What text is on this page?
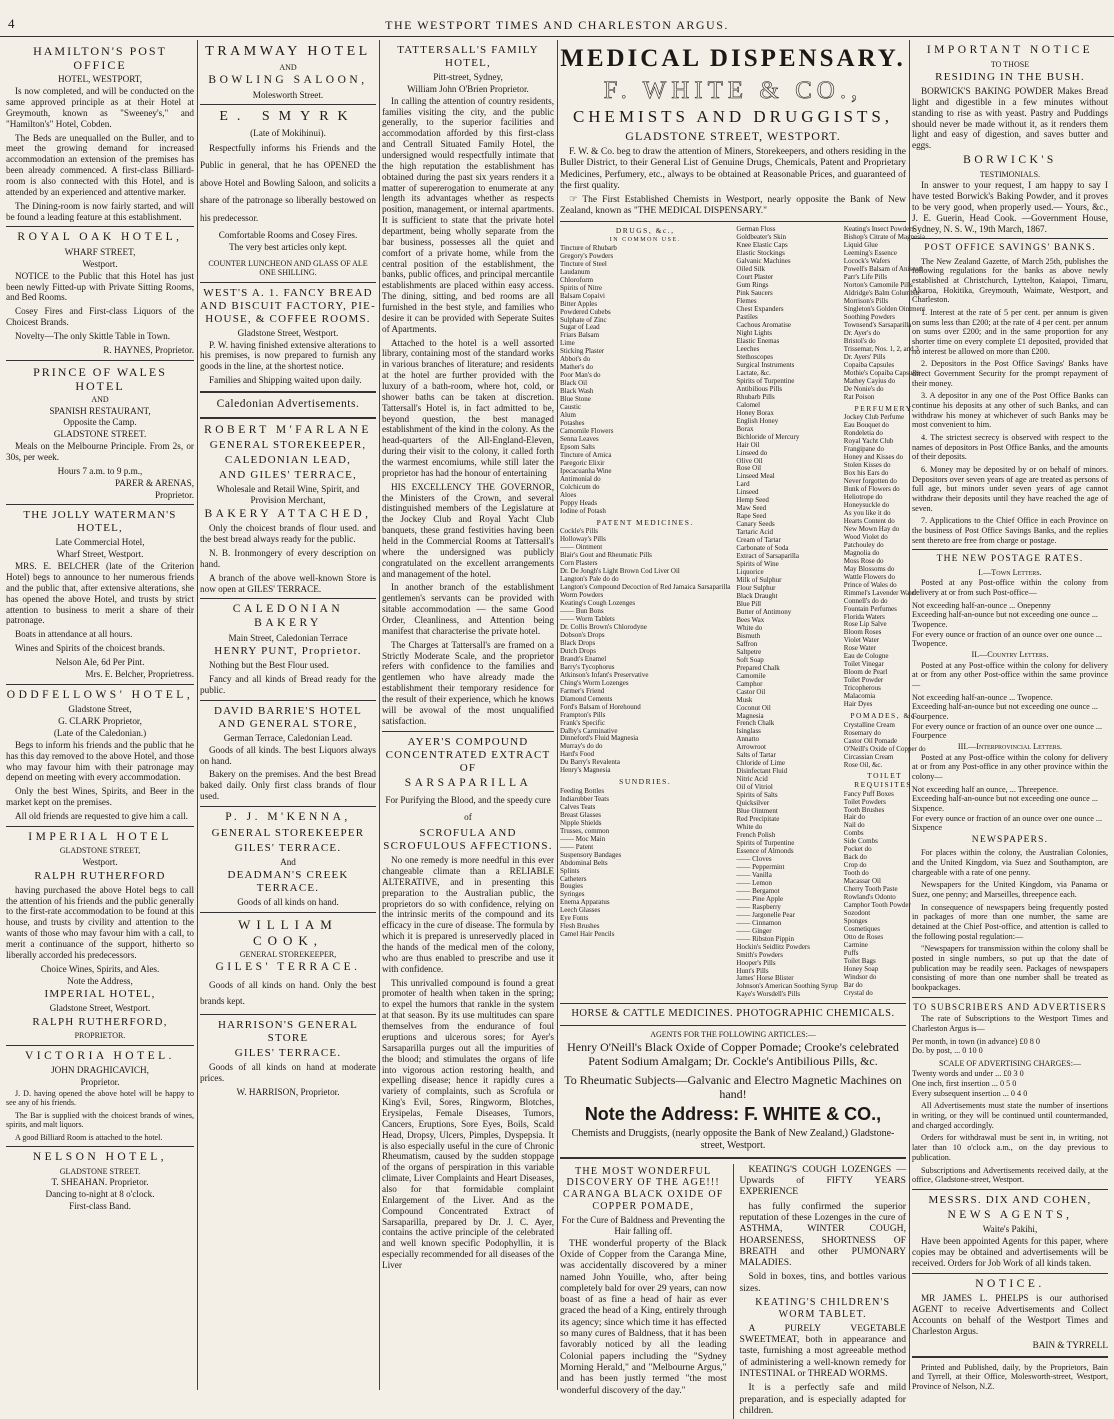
4	THE WESTPORT TIMES AND CHARLESTON ARGUS.
HAMILTON'S POST OFFICE
HOTEL, WESTPORT,

Is now completed, and will be conducted on the same approved principle as at their Hotel at Greymouth, known as "Sweeney's," and "Hamilton's" Hotel, Cobden.

The Beds are unequalled on the Buller, and to meet the growing demand for increased accommodation an extension of the premises has been already commenced. A first-class Billiard-room is also connected with this Hotel, and is attended by an experienced and attentive marker.

The Dining-room is now fairly started, and will be found a leading feature at this establishment.

ROYAL OAK HOTEL,
WHARF STREET,
Westport.

NOTICE to the Public that this Hotel has just been newly Fitted-up with Private Sitting Rooms, and Bed Rooms.

Cosey Fires and First-class Liquors of the Choicest Brands.

Novelty—The only Skittle Table in Town.

R. HAYNES, Proprietor.
PRINCE OF WALES HOTEL
AND
SPANISH RESTAURANT,
Opposite the Camp.
GLADSTONE STREET.

Meals on the Melbourne Principle. From 2s, or 30s, per week.

Hours 7 a.m. to 9 p.m.,
PARER & ARENAS,
Proprietor.
THE JOLLY WATERMAN'S HOTEL,
Late Commercial Hotel,
Wharf Street, Westport.

MRS. E. BELCHER (late of the Criterion Hotel) begs to announce to her numerous friends and the public that, after extensive alterations, she has opened the above Hotel, and trusts by strict attention to business to merit a share of their patronage.

Boats in attendance at all hours.

Wines and Spirits of the choicest brands.

Nelson Ale, 6d Per Pint.
Mrs. E. Belcher, Proprietress.
ODDFELLOWS' HOTEL,
Gladstone Street,
G. CLARK Proprietor,
(Late of the Caledonian.)

Begs to inform his friends and the public that he has this day removed to the above Hotel, and those who may favour him with their patronage may depend on meeting with every accommodation.

Only the best Wines, Spirits, and Beer in the market kept on the premises.

All old friends are requested to give him a call.

IMPERIAL HOTEL
GLADSTONE STREET,
Westport.
RALPH RUTHERFORD

having purchased the above Hotel begs to call the attention of his friends and the public generally to the first-rate accommodation to be found at this house, and trusts by civility and attention to the wants of those who may favour him with a call, to merit a continuance of the support, hitherto so liberally accorded his predecessors.

Choice Wines, Spirits, and Ales.
Note the Address,
IMPERIAL HOTEL,
Gladstone Street, Westport.
RALPH RUTHERFORD,
PROPRIETOR.
VICTORIA HOTEL.
JOHN DRAGHICAVICH,
Proprietor.

J. D. having opened the above hotel will be happy to see any of his friends.

The Bar is supplied with the choicest brands of wines, spirits, and malt liquors.

A good Billiard Room is attached to the hotel.

NELSON HOTEL,
GLADSTONE STREET.
T. SHEAHAN. Proprietor.
Dancing to-night at 8 o'clock.
First-class Band.
TRAMWAY HOTEL
AND
BOWLING SALOON,
Molesworth Street.
E. SMYRK
(Late of Mokihinui).

Respectfully informs his Friends and the Public in general, that he has OPENED the above Hotel and Bowling Saloon, and solicits a share of the patronage so liberally bestowed on his predecessor.

Comfortable Rooms and Cosey Fires.
The very best articles only kept.
COUNTER LUNCHEON AND GLASS OF ALE ONE SHILLING.
WEST'S A. 1. FANCY BREAD AND BISCUIT FACTORY, PIE-HOUSE, & COFFEE ROOMS.
Gladstone Street, Westport.

P. W. having finished extensive alterations to his premises, is now prepared to furnish any goods in the line, at the shortest notice.

Families and Shipping waited upon daily.

Caledonian Advertisements.
ROBERT M'FARLANE
GENERAL STOREKEEPER,
CALEDONIAN LEAD,
AND GILES' TERRACE,
Wholesale and Retail Wine, Spirit, and Provision Merchant,
BAKERY ATTACHED,

Only the choicest brands of flour used. and the best bread always ready for the public.

N. B. Ironmongery of every description on hand.

A branch of the above well-known Store is now open at GILES' TERRACE.

CALEDONIAN BAKERY
Main Street, Caledonian Terrace
HENRY PUNT, Proprietor.

Nothing but the Best Flour used.

Fancy and all kinds of Bread ready for the public.

DAVID BARRIE'S HOTEL AND GENERAL STORE,
German Terrace, Caledonian Lead.

Goods of all kinds. The best Liquors always on hand.

Bakery on the premises. And the best Bread baked daily. Only first class brands of flour used.

P. J. M'KENNA,
GENERAL STOREKEEPER
GILES' TERRACE.
And
DEADMAN'S CREEK TERRACE.
Goods of all kinds on hand.
WILLIAM COOK,
GENERAL STOREKEEPER,
GILES' TERRACE.

Goods of all kinds on hand. Only the best brands kept.

HARRISON'S GENERAL STORE
GILES' TERRACE.

Goods of all kinds on hand at moderate prices.

W. HARRISON, Proprietor.
TATTERSALL'S FAMILY HOTEL,
Pitt-street, Sydney,
William John O'Brien Proprietor.

In calling the attention of country residents, families visiting the city, and the public generally, to the superior facilities and accommodation afforded by this first-class and Centrall Situated Family Hotel, the undersigned would respectfully intimate that the high reputation the establishment has obtained during the past six years renders it a matter of supererogation to enumerate at any length its advantages whether as respects position, management, or internal apartments. It is sufficient to state that the private hotel department, being wholly separate from the bar business, possesses all the quiet and comfort of a private home, while from the central position of the establishment, the banks, public offices, and principal mercantile establishments are placed within easy access. The dining, sitting, and bed rooms are all furnished in the best style, and families who desire it can be provided with Seperate Suites of Apartments.

Attached to the hotel is a well assorted library, containing most of the standard works in various branches of literature; and residents at the hotel are further provided with the luxury of a bath-room, where hot, cold, or shower baths can be taken at discretion. Tattersall's Hotel is, in fact admitted to be, beyond question, the best managed establishment of the kind in the colony. As the head-quarters of the All-England-Eleven, during their visit to the colony, it called forth the warmest encomiums, while still later the proprietor has had the honour of entertaining

HIS EXCELLENCY THE GOVERNOR, the Ministers of the Crown, and several distinguished members of the Legislature at the Jockey Club and Royal Yacht Club banquets, these grand festivities having been held in the Commercial Rooms at Tattersall's where the undersigned was publicly congratulated on the excellent arrangements and management of the hotel.

In another branch of the establishment gentlemen's servants can be provided with sitable accommodation — the same Good Order, Cleanliness, and Attention being manifest that characterise the private hotel.

The Charges at Tattersall's are framed on a Strictly Moderate Scale, and the proprietor refers with confidence to the families and gentlemen who have already made the establishment their temporary residence for the result of their experience, which he knows will be avowal of the most unqualified satisfaction.

AYER'S COMPOUND CONCENTRATED EXTRACT OF
SARSAPARILLA
For Purifying the Blood, and the speedy cure of
SCROFULA AND SCROFULOUS AFFECTIONS.

No one remedy is more needful in this ever changeable climate than a RELIABLE ALTERATIVE, and in presenting this preparation to the Australian public, the proprietors do so with confidence, relying on the intrinsic merits of the compound and its efficacy in the cure of disease. The formula by which it is prepared is unreservedly placed in the hands of the medical men of the colony, who are thus enabled to prescribe and use it with confidence.

This unrivalled compound is found a great promoter of health when taken in the spring; to expel the humors that rankle in the system at that season. By its use multitudes can spare themselves from the endurance of foul eruptions and ulcerous sores; for Ayer's Sarsaparilla purges out all the impurities of the blood; and stimulates the organs of life into vigorous action restoring health, and expelling disease; hence it rapidly cures a variety of complaints, such as Scrofula or King's Evil, Sores, Ringworm, Blotches, Erysipelas, Female Diseases, Tumors, Cancers, Eruptions, Sore Eyes, Boils, Scald Head, Dropsy, Ulcers, Pimples, Dyspepsia. It is also especially useful in the cure of Chronic Rheumatism, caused by the sudden stoppage of the organs of perspiration in this variable climate, Liver Complaints and Heart Diseases, also for that formidable complaint Enlargement of the Liver. And as the Compound Concentrated Extract of Sarsaparilla, prepared by Dr. J. C. Ayer, contains the active principle of the celebrated and well known specific Podophyllin, it is especially recommended for all diseases of the Liver

MEDICAL DISPENSARY.
F. WHITE & CO.,
CHEMISTS AND DRUGGISTS,
GLADSTONE STREET, WESTPORT.

F. W. & Co. beg to draw the attention of Miners, Storekeepers, and others residing in the Buller District, to their General List of Genuine Drugs, Chemicals, Patent and Proprietary Medicines, Perfumery, etc., always to be obtained at Reasonable Prices, and guaranteed of the first quality.

☞ The First Established Chemists in Westport, nearly opposite the Bank of New Zealand, known as "THE MEDICAL DISPENSARY."

DRUGS, &c.,
IN COMMON USE.
Tincture of Rhubarb
Gregory's Powders
Tincture of Steel
Laudanum
Chloroform
Spirits of Nitre
Balsam Copaivi
Bitter Apples
Powdered Cubebs
Sulphate of Zinc
Sugar of Lead
Friars Balsam
Lime
Sticking Plaster
Abbot's do
Mather's do
Poor Man's do
Black Oil
Black Wash
Blue Stone
Caustic
Alum
Potashes
Camomile Flowers
Senna Leaves
Epsom Salts
Tincture of Arnica
Paregoric Elixir
Ipecacuanha Wine
Antimonial do
Colchicum do
Aloes
Poppy Heads
Iodine of Potash
PATENT MEDICINES.
Cockle's Pills
Holloway's Pills
—— Ointment
Blair's Gout and Rheumatic Pills
Corn Plasters
Dr. De Jongh's Light Brown Cod Liver Oil
Langton's Pale do do
Langton's Compound Decoction of Red Jamaica Sarsaparilla
Worm Powders
Keating's Cough Lozenges
—— Bun Bons
—— Worm Tablets
Dr. Collis Brown's Chlorodyne
Dobson's Drops
Black Drops
Dutch Drops
Brandt's Enamel
Barry's Tycophorus
Atkinson's Infant's Preservative
Ching's Worm Lozenges
Farmer's Friend
Diamond Cements
Ford's Balsam of Horehound
Frampton's Pills
Frank's Specific
Dalby's Carminative
Dinneford's Fluid Magnesia
Murray's do do
Hard's Food
Du Barry's Revalenta
Henry's Magnesia
SUNDRIES.
Feeding Bottles
Indiarubber Teats
Calves Teats
Breast Glasses
Nipple Shields
Trusses, common
—— Moc Main
—— Patent
Suspensory Bandages
Abdominal Belts
Splints
Catheters
Bougies
Syringes
Enema Apparatus
Leech Glasses
Eye Fonts
Flesh Brushes
Camel Hair Pencils
German Floss
Goldbeater's Skin
Knee Elastic Caps
Elastic Stockings
Galvanic Machines
Oiled Silk
Court Plaster
Gum Rings
Pink Saucers
Flemes
Chest Expanders
Pastiles
Cachous Aromatise
Night Lights
Elastic Enemas
Leeches
Stethoscopes
Surgical Instruments
Lactate, &c.
Spirits of Turpentine
Antibilious Pills
Rhubarb Pills
Calomel
Honey Borax
English Honey
Borax
Bichloride of Mercury
Hair Oil
Linseed do
Olive Oil
Rose Oil
Linseed Meal
Lard
Linseed
Hemp Seed
Maw Seed
Rape Seed
Canary Seeds
Tartaric Acid
Cream of Tartar
Carbonate of Soda
Extract of Sarsaparilla
Spirits of Wine
Liquorice
Milk of Sulphur
Flour Sulphur
Black Draught
Blue Pill
Butter of Antimony
Bees Wax
White do
Bismuth
Saffron
Saltpetre
Soft Soap
Prepared Chalk
Camomile
Camphor
Castor Oil
Musk
Coconut Oil
Magnesia
French Chalk
Isinglass
Annatto
Arrowroot
Salts of Tartar
Chloride of Lime
Disinfectant Fluid
Nitric Acid
Oil of Vitriol
Spirits of Salts
Quicksilver
Blue Ointment
Red Precipitate
White do
French Polish
Spirits of Turpentine
Essence of Almonds
—— Cloves
—— Peppermint
—— Vanilla
—— Lemon
—— Bergamot
—— Pine Apple
—— Raspberry
—— Jargonelle Pear
—— Cinnamon
—— Ginger
—— Ribston Pippin
Hockin's Seidlitz Powders
Smith's Powders
Hooper's Pills
Hunt's Pills
James' Horse Blister
Johnson's American Soothing Syrup
Kaye's Worsdell's Pills
Keating's Insect Powders
Bishop's Citrate of Magnesia
Liquid Glue
Leeming's Essence
Locock's Wafers
Powell's Balsam of Aniseed
Parr's Life Pills
Norton's Camomile Pills
Aldridge's Balm Columbia
Morrison's Pills
Singleton's Golden Ointment
Soothing Powders
Townsend's Sarsaparilla
Dr. Ayer's do
Bristol's do
Trissemar, Nos. 1, 2, and 3
Dr. Ayers' Pills
Copaiba Capsules
Mothie's Copaiba Capsules
Mathey Cayius do
De Nonie's do
Rat Poison
PERFUMERY.
Jockey Club Perfume
Eau Bouquet do
Rondeletia do
Royal Yacht Club
Frangipane do
Honey and Kisses do
Stolen Kisses do
Box his Ears do
Never forgotten do
Bunk of Flowers do
Heliotrope do
Honeysuckle do
As you like it do
Hearts Content do
New Mown Hay do
Wood Violet do
Patchouley do
Magnolia do
Moss Rose do
May Blossoms do
Wattle Flowers do
Prince of Wales do
Rimmel's Lavender Water
Connell's do do
Fountain Perfumes
Florida Waters
Rose Lip Salve
Bloom Roses
Violet Water
Rose Water
Eau de Cologne
Toilet Vinegar
Bloom de Pearl
Toilet Powder
Tricopherous
Malacomia
Hair Dyes
POMADES, &c.
Crystalline Cream
Rosemary do
Castor Oil Pomade
O'Neill's Oxide of Copper do
Circassian Cream
Rose Oil, &c.
TOILET REQUISITES.
Fancy Puff Boxes
Toilet Powders
Tooth Brushes
Hair do
Nail do
Combs
Side Combs
Pocket do
Back do
Crop do
Tooth do
Macassar Oil
Cherry Tooth Paste
Rowland's Odonto
Camphor Tooth Powder
Sozodont
Sponges
Cosmetiques
Otto de Roses
Carmine
Puffs
Toilet Bags
Honey Soap
Windsor do
Bar do
Crystal do
HORSE & CATTLE MEDICINES. PHOTOGRAPHIC CHEMICALS.
AGENTS FOR THE FOLLOWING ARTICLES:—
Henry O'Neill's Black Oxide of Copper Pomade; Crooke's celebrated Patent Sodium Amalgam; Dr. Cockle's Antibilious Pills, &c.
To Rheumatic Subjects—Galvanic and Electro Magnetic Machines on hand!
Note the Address: F. WHITE & CO.,
Chemists and Druggists, (nearly opposite the Bank of New Zealand,) Gladstone-street, Westport.
THE MOST WONDERFUL DISCOVERY OF THE AGE!!! CARANGA BLACK OXIDE OF COPPER POMADE,
For the Cure of Baldness and Preventing the Hair falling off.

THE wonderful property of the Black Oxide of Copper from the Caranga Mine, was accidentally discovered by a miner named John Youille, who, after being completely bald for over 29 years, can now boast of as fine a head of hair as ever graced the head of a King, entirely through its agency; since which time it has effected so many cures of Baldness, that it has been favorably noticed by all the leading Colonial papers including the "Sydney Morning Herald," and "Melbourne Argus," and has been justly termed "the most wonderful discovery of the day."

KEATING'S COUGH LOZENGES —Upwards of FIFTY YEARS EXPERIENCE

has fully confirmed the superior reputation of these Lozenges in the cure of ASTHMA, WINTER COUGH, HOARSENESS, SHORTNESS OF BREATH and other PUMONARY MALADIES.

Sold in boxes, tins, and bottles various sizes.

KEATING'S CHILDREN'S WORM TABLET.

A PURELY VEGETABLE SWEETMEAT, both in appearance and taste, furnishing a most agreeable method of administering a well-known remedy for INTESTINAL or THREAD WORMS.

It is a perfectly safe and mild preparation, and is especially adapted for children.

IMPORTANT NOTICE
TO THOSE
RESIDING IN THE BUSH.

BORWICK'S BAKING POWDER Makes Bread light and digestible in a few minutes without standing to rise as with yeast. Pastry and Puddings should never be made without it, as it renders them light and easy of digestion, and saves butter and eggs.

BORWICK'S
TESTIMONIALS.

In answer to your request, I am happy to say I have tested Borwick's Baking Powder, and it proves to be very good, when properly used.— Yours, &c., J. E. Guerin, Head Cook. —Government House, Sydney, N. S. W., 19th March, 1867.

POST OFFICE SAVINGS' BANKS.

The New Zealand Gazette, of March 25th, publishes the following regulations for the banks as above newly established at Christchurch, Lyttelton, Kaiapoi, Timaru, Akaroa, Hokitika, Greymouth, Waimate, Westport, and Charleston.

1. Interest at the rate of 5 per cent. per annum is given on sums less than £200; at the rate of 4 per cent. per annum on sums over £200; and in the same proportion for any shorter time on every complete £1 deposited, provided that no interest be allowed on more than £200.

2. Depositors in the Post Office Savings' Banks have direct Government Security for the prompt repayment of their money.

3. A depositor in any one of the Post Office Banks can continue his deposits at any other of such Banks, and can withdraw his money at whichever of such Banks may be most convenient to him.

4. The strictest secrecy is observed with respect to the names of depositors in Post Office Banks, and the amounts of their deposits.

6. Money may be deposited by or on behalf of minors. Depositors over seven years of age are treated as persons of full age, but minors under seven years of age cannot withdraw their deposits until they have reached the age of seven.

7. Applications to the Chief Office in each Province on the business of Post Office Savings Banks, and the replies sent thereto are free from charge or postage.

THE NEW POSTAGE RATES.
I.—Town Letters.

Posted at any Post-office within the colony from delivery at or from such Post-office—

Not exceeding half-an-ounce ... Onepenny
Exceeding half-an-ounce but not exceeding one ounce ... Twopence.
For every ounce or fraction of an ounce over one ounce ... Twopence.
II.—Country Letters.

Posted at any Post-office within the colony for delivery at or from any other Post-office within the same province—

Not exceeding half-an-ounce ... Twopence.
Exceeding half-an-ounce but not exceeding one ounce ... Fourpence.
For every ounce or fraction of an ounce over one ounce ... Fourpence
III.—Interprovincial Letters.

Posted at any Post-office within the colony for delivery at or from any Post-office in any other province within the colony—

Not exceeding half an ounce, ... Threepence.
Exceeding half-an-ounce but not exceeding one ounce ... Sixpence.
For every ounce or fraction of an ounce over one ounce ... Sixpence
NEWSPAPERS.

For places within the colony, the Australian Colonies, and the United Kingdom, via Suez and Southampton, are chargeable with a rate of one penny.

Newspapers for the United Kingdom, via Panama or Suez, one penny; and Marseilles, threepence each.

In consequence of newspapers being frequently posted in packages of more than one number, the same are detained at the Chief Post-office, and attention is called to the following postal regulation:—

"Newspapers for transmission within the colony shall be posted in single numbers, so put up that the date of publication may be readily seen. Packages of newspapers consisting of more than one number shall be treated as bookpackages.

TO SUBSCRIBERS AND ADVERTISERS

The rate of Subscriptions to the Westport Times and Charleston Argus is—

Per month, in town (in advance) £0 8 0
Do. by post, ... 0 10 0
SCALE OF ADVERTISING CHARGES:—
Twenty words and under ... £0 3 0
One inch, first insertion ... 0 5 0
Every subsequent insertion ... 0 4 0

All Advertisements must state the number of insertions in writing, or they will be continued until countermanded, and charged accordingly.

Orders for withdrawal must be sent in, in writing, not later than 10 o'clock a.m., on the day previous to publication.

Subscriptions and Advertisements received daily, at the office, Gladstone-street, Westport.

MESSRS. DIX AND COHEN,
NEWS AGENTS,
Waite's Pakihi,

Have been appointed Agents for this paper, where copies may be obtained and advertisements will be received. Orders for Job Work of all kinds taken.

NOTICE.

MR JAMES L. PHELPS is our authorised AGENT to receive Advertisements and Collect Accounts on behalf of the Westport Times and Charleston Argus.

BAIN & TYRRELL

Printed and Published, daily, by the Proprietors, Bain and Tyrrell, at their Office, Molesworth-street, Westport, Province of Nelson, N.Z.
